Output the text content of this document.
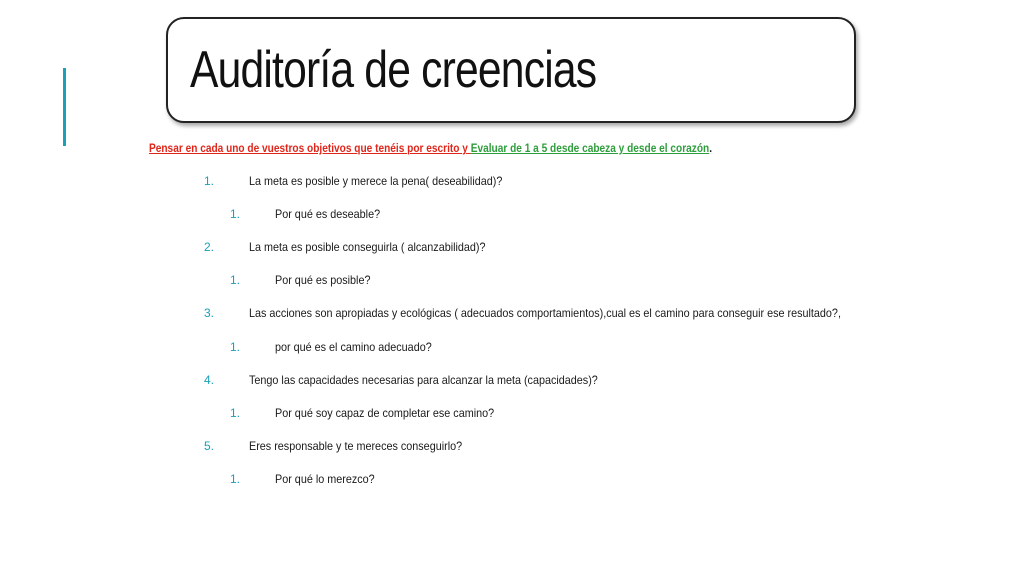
Auditoría de creencias
Pensar en cada uno de vuestros objetivos que tenéis por escrito y Evaluar de 1 a 5 desde cabeza y desde el corazón.
1.	La meta es posible y merece la pena( deseabilidad)?
1.	Por qué es deseable?
2.	La meta es posible conseguirla ( alcanzabilidad)?
1.	Por qué es posible?
3.	Las acciones son apropiadas y ecológicas ( adecuados comportamientos),cual es el camino para conseguir ese resultado?,
1.	por qué es el camino adecuado?
4.	Tengo las capacidades necesarias para alcanzar la meta (capacidades)?
1.	Por qué soy capaz de completar ese camino?
5.	Eres responsable y te mereces conseguirlo?
1.	Por qué lo merezco?
